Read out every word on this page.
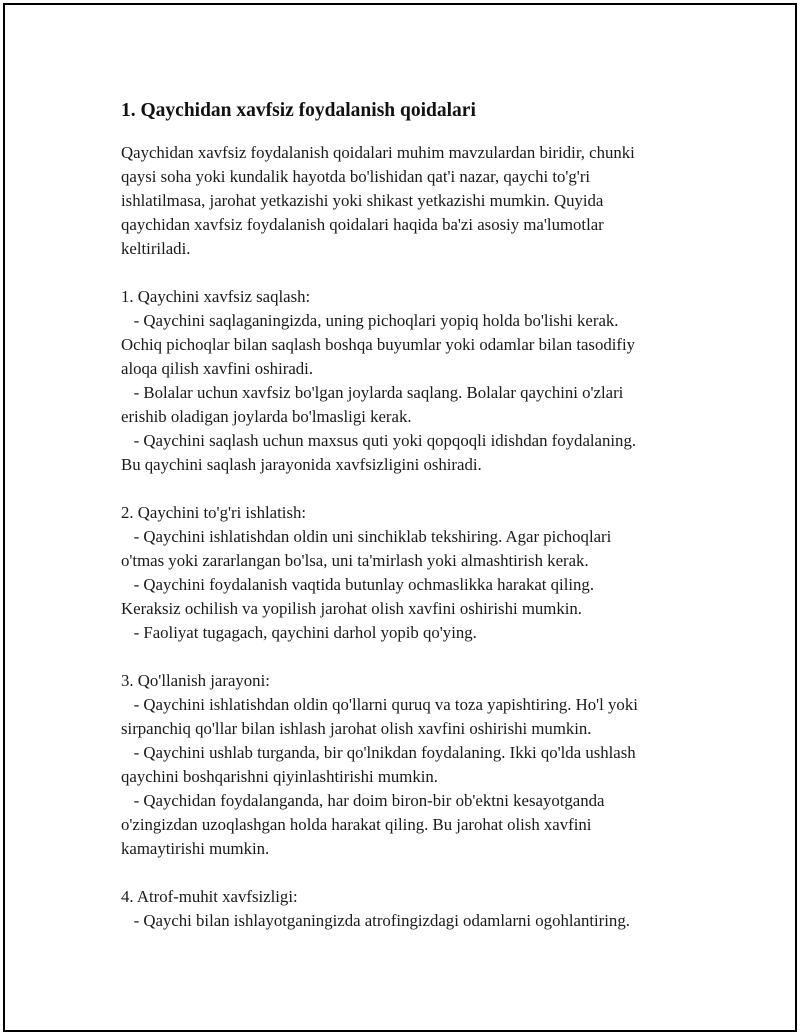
1. Qaychidan xavfsiz foydalanish qoidalari

Qaychidan xavfsiz foydalanish qoidalari muhim mavzulardan biridir, chunki
qaysi soha yoki kundalik hayotda bo'lishidan qat'i nazar, qaychi to'g'ri
ishlatilmasa, jarohat yetkazishi yoki shikast yetkazishi mumkin. Quyida
qaychidan xavfsiz foydalanish qoidalari haqida ba'zi asosiy ma'lumotlar
keltiriladi.

1. Qaychini xavfsiz saqlash:

- Qaychini saqlaganingizda, uning pichoqlari yopiq holda bo'lishi kerak.
Ochiq pichoqlar bilan saqlash boshqa buyumlar yoki odamlar bilan tasodifiy
aloqa qilish xavfini oshiradi.
- Bolalar uchun xavfsiz bo'lgan joylarda saqlang. Bolalar qaychini o'zlari
erishib oladigan joylarda bo'lmasligi kerak.
- Qaychini saqlash uchun maxsus quti yoki qopqoqli idishdan foydalaning.
Bu qaychini saqlash jarayonida xavfsizligini oshiradi.

2. Qaychini to'g'ri ishlatish:

- Qaychini ishlatishdan oldin uni sinchiklab tekshiring. Agar pichoqlari
o'tmas yoki zararlangan bo'lsa, uni ta'mirlash yoki almashtirish kerak.
- Qaychini foydalanish vaqtida butunlay ochmaslikka harakat qiling.
Keraksiz ochilish va yopilish jarohat olish xavfini oshirishi mumkin.
- Faoliyat tugagach, qaychini darhol yopib qo'ying.

3. Qo'llanish jarayoni:

- Qaychini ishlatishdan oldin qo'llarni quruq va toza yapishtiring. Ho'l yoki
sirpanchiq qo'llar bilan ishlash jarohat olish xavfini oshirishi mumkin.
- Qaychini ushlab turganda, bir qo'lnikdan foydalaning. Ikki qo'lda ushlash
qaychini boshqarishni qiyinlashtirishi mumkin.
- Qaychidan foydalanganda, har doim biron-bir ob'ektni kesayotganda
o'zingizdan uzoqlashgan holda harakat qiling. Bu jarohat olish xavfini
kamaytirishi mumkin.

4. Atrof-muhit xavfsizligi:

- Qaychi bilan ishlayotganingizda atrofingizdagi odamlarni ogohlantiring.
